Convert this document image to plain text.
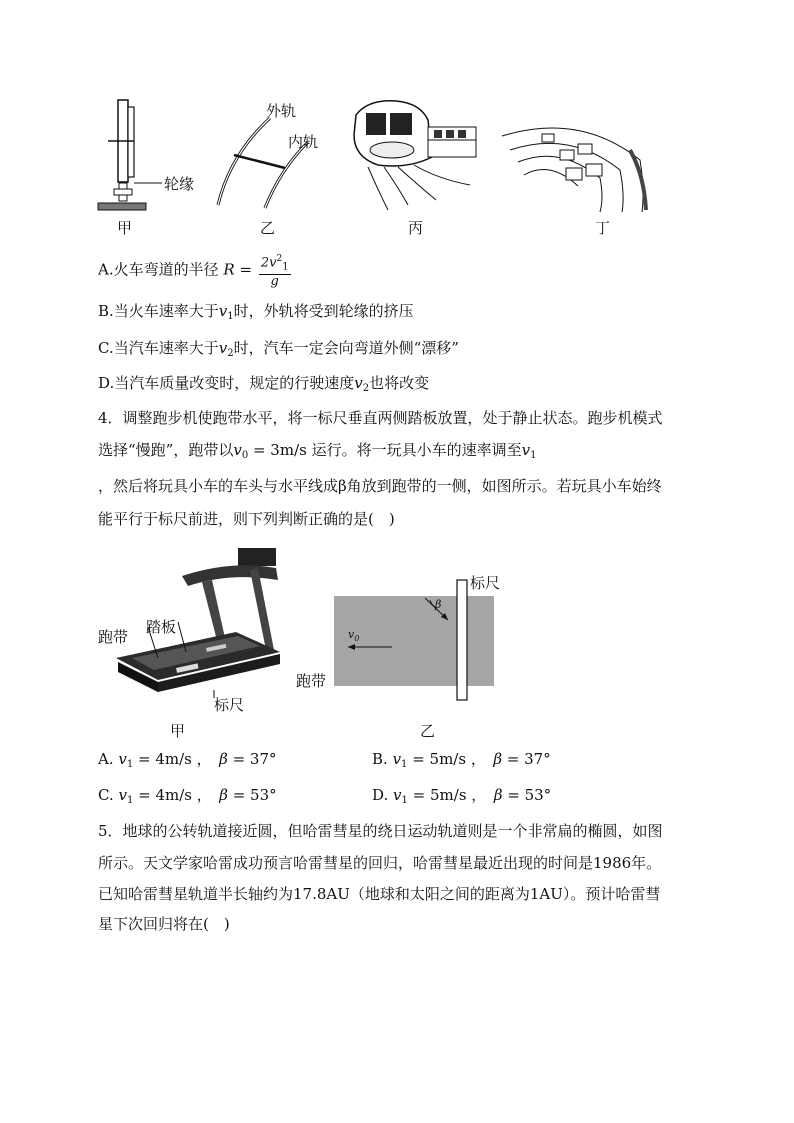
轮缘
甲
外轨
内轨
乙	丙	丁
A.火车弯道的半径 $R = \frac{2v^2_1}{g}$
B.当火车速率大于$v_1$时，外轨将受到轮缘的挤压
C.当汽车速率大于$v_2$时，汽车一定会向弯道外侧“漂移”
D.当汽车质量改变时，规定的行驶速度$v_2$也将改变
4．调整跑步机使跑带水平，将一标尺垂直两侧踏板放置，处于静止状态。跑步机模式
选择“慢跑”，跑带以$v_0 = 3m/s$ 运行。将一玩具小车的速率调至$v_1$
，然后将玩具小车的车头与水平线成β角放到跑带的一侧，如图所示。若玩具小车始终
能平行于标尺前进，则下列判断正确的是(　)
跑带
踏板
标尺
甲
β
$v_0$
标尺
跑带
乙
A. $v_1 = 4m/s$ ，　 β = 37°	B. $v_1 = 5m/s$ ，　 β = 37°
C. $v_1 = 4m/s$ ，　 β = 53°	D. $v_1 = 5m/s$ ，　 β = 53°
5．地球的公转轨道接近圆，但哈雷彗星的绕日运动轨道则是一个非常扁的椭圆，如图
所示。天文学家哈雷成功预言哈雷彗星的回归，哈雷彗星最近出现的时间是1986年。
已知哈雷彗星轨道半长轴约为17.8AU（地球和太阳之间的距离为1AU）。预计哈雷彗
星下次回归将在(　)
